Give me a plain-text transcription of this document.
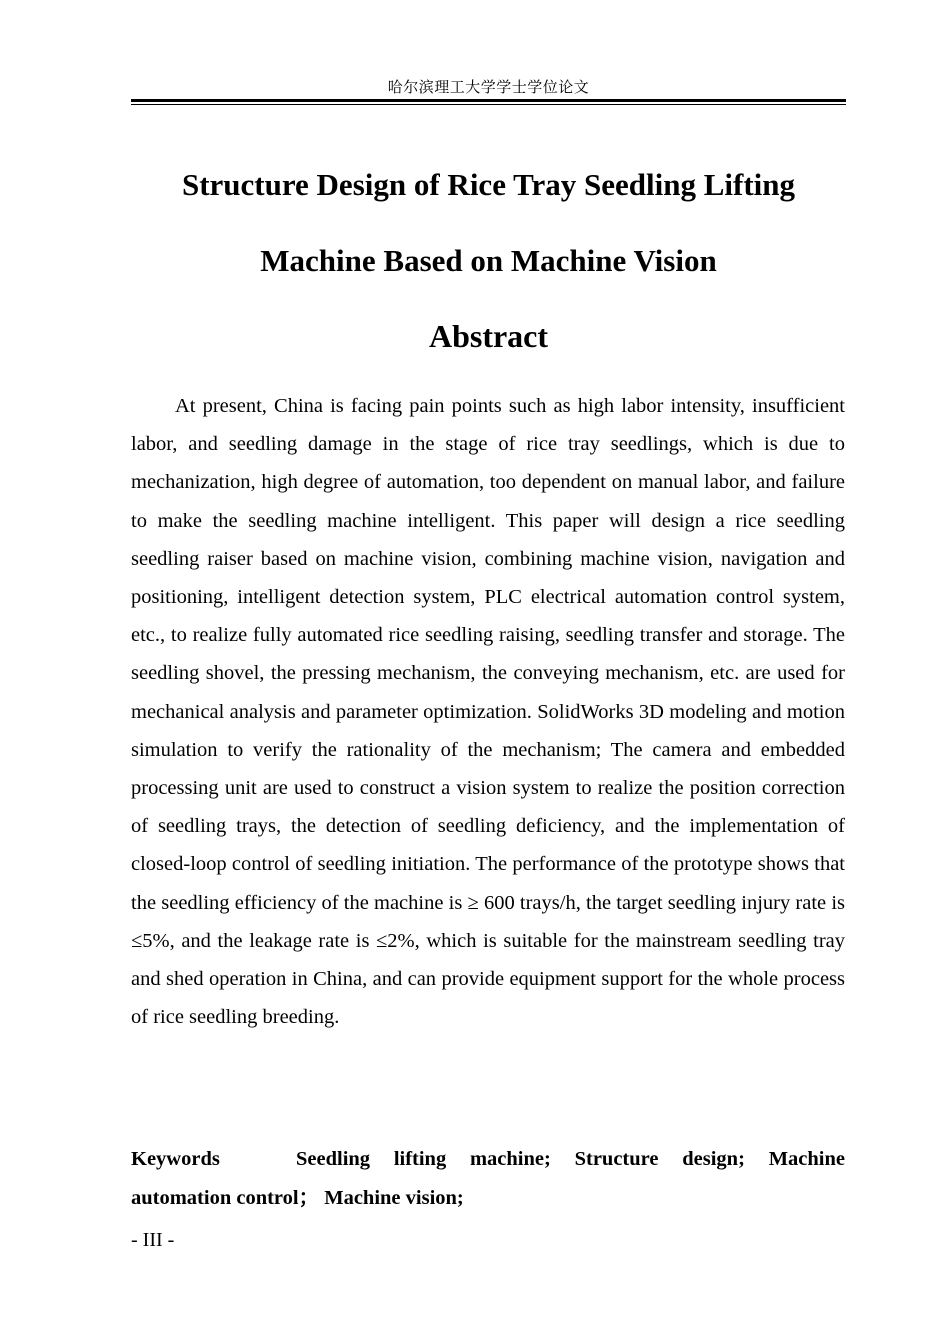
哈尔滨理工大学学士学位论文
Structure Design of Rice Tray Seedling Lifting
Machine Based on Machine Vision
Abstract

At present, China is facing pain points such as high labor intensity, insufficient labor, and seedling damage in the stage of rice tray seedlings, which is due to mechanization, high degree of automation, too dependent on manual labor, and failure to make the seedling machine intelligent. This paper will design a rice seedling seedling raiser based on machine vision, combining machine vision, navigation and positioning, intelligent detection system, PLC electrical automation control system, etc., to realize fully automated rice seedling raising, seedling transfer and storage. The seedling shovel, the pressing mechanism, the conveying mechanism, etc. are used for mechanical analysis and parameter optimization. SolidWorks 3D modeling and motion simulation to verify the rationality of the mechanism; The camera and embedded processing unit are used to construct a vision system to realize the position correction of seedling trays, the detection of seedling deficiency, and the implementation of closed-loop control of seedling initiation. The performance of the prototype shows that the seedling efficiency of the machine is ≥ 600 trays/h, the target seedling injury rate is ≤5%, and the leakage rate is ≤2%, which is suitable for the mainstream seedling tray and shed operation in China, and can provide equipment support for the whole process of rice seedling breeding.

Keywords	Seedling lifting machine; Structure design; Machine automation control； Machine vision;

- III -
